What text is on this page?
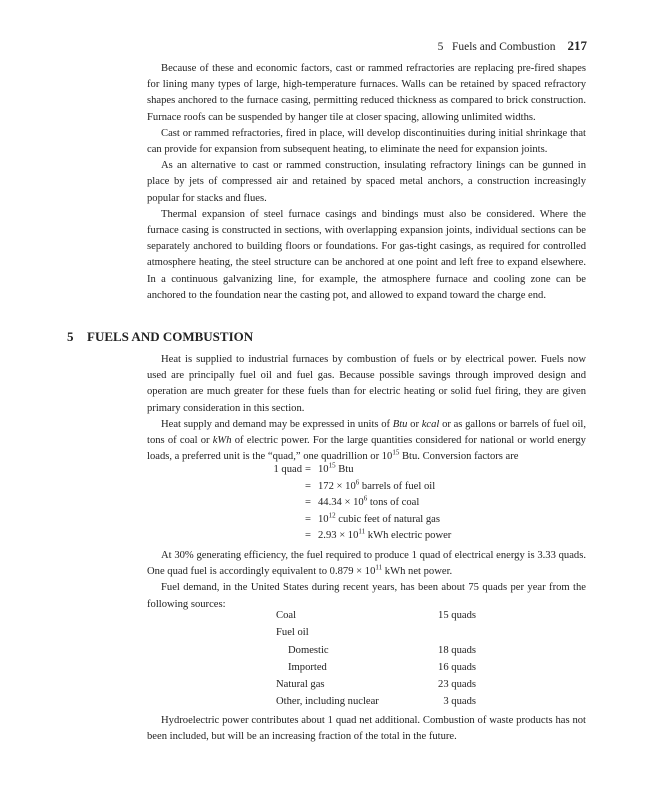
5   Fuels and Combustion 217

Because of these and economic factors, cast or rammed refractories are replacing pre-fired shapes for lining many types of large, high-temperature furnaces. Walls can be retained by spaced refractory shapes anchored to the furnace casing, permitting reduced thickness as compared to brick construction. Furnace roofs can be suspended by hanger tile at closer spacing, allowing unlimited widths.

Cast or rammed refractories, fired in place, will develop discontinuities during initial shrinkage that can provide for expansion from subsequent heating, to eliminate the need for expansion joints.

As an alternative to cast or rammed construction, insulating refractory linings can be gunned in place by jets of compressed air and retained by spaced metal anchors, a construction increasingly popular for stacks and flues.

Thermal expansion of steel furnace casings and bindings must also be considered. Where the furnace casing is constructed in sections, with overlapping expansion joints, individual sections can be separately anchored to building floors or foundations. For gas-tight casings, as required for controlled atmosphere heating, the steel structure can be anchored at one point and left free to expand elsewhere. In a continuous galvanizing line, for example, the atmosphere furnace and cooling zone can be anchored to the foundation near the casting pot, and allowed to expand toward the charge end.

5 FUELS AND COMBUSTION

Heat is supplied to industrial furnaces by combustion of fuels or by electrical power. Fuels now used are principally fuel oil and fuel gas. Because possible savings through improved design and operation are much greater for these fuels than for electric heating or solid fuel firing, they are given primary consideration in this section.

Heat supply and demand may be expressed in units of Btu or kcal or as gallons or barrels of fuel oil, tons of coal or kWh of electric power. For the large quantities considered for national or world energy loads, a preferred unit is the “quad,” one quadrillion or $10^{15}$ Btu. Conversion factors are

1 quad = $10^{15}$ Btu
= $172 \times 10^6$ barrels of fuel oil
= $44.34 \times 10^6$ tons of coal
= $10^{12}$ cubic feet of natural gas
= $2.93 \times 10^{11}$ kWh electric power

At 30% generating efficiency, the fuel required to produce 1 quad of electrical energy is 3.33 quads. One quad fuel is accordingly equivalent to $0.879 \times 10^{11}$ kWh net power.

Fuel demand, in the United States during recent years, has been about 75 quads per year from the following sources:

Coal	15 quads
Fuel oil
Domestic	18 quads
Imported	16 quads
Natural gas	23 quads
Other, including nuclear	3 quads

Hydroelectric power contributes about 1 quad net additional. Combustion of waste products has not been included, but will be an increasing fraction of the total in the future.
